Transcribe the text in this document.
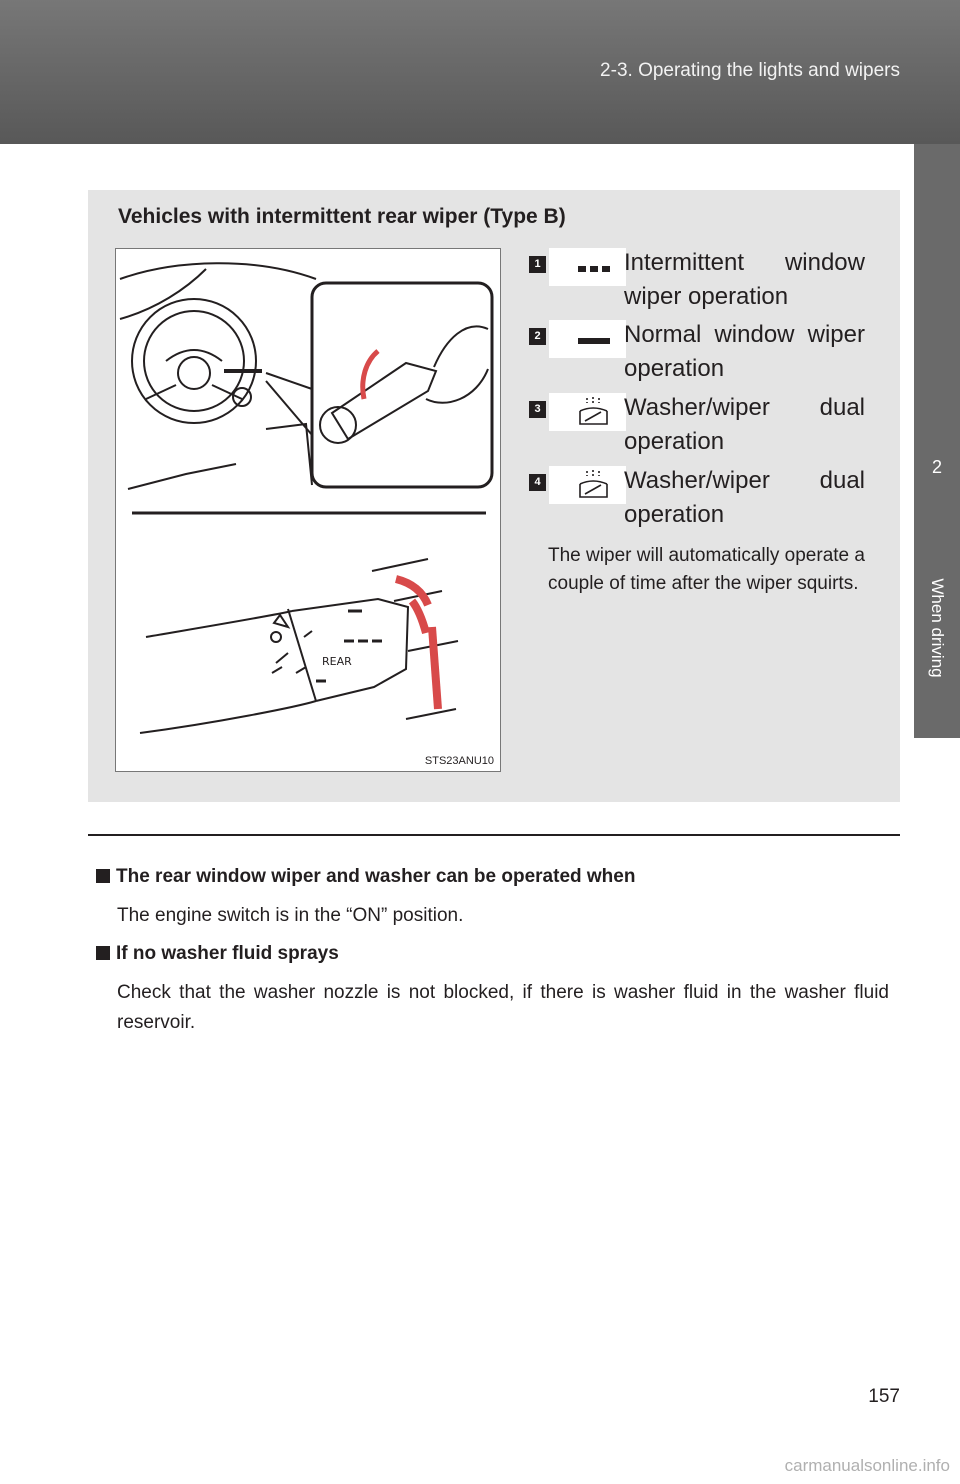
2-3. Operating the lights and wipers
2
When driving
Vehicles with intermittent rear wiper (Type B)
REAR
STS23ANU10
1	Intermittent window wiper operation
2	Normal window wiper operation
3	Washer/wiper dual operation
4	Washer/wiper dual operation
The wiper will automatically operate a couple of time after the wiper squirts.
The rear window wiper and washer can be operated when
The engine switch is in the “ON” position.
If no washer fluid sprays
Check that the washer nozzle is not blocked, if there is washer fluid in the washer fluid reservoir.
157
carmanualsonline.info
